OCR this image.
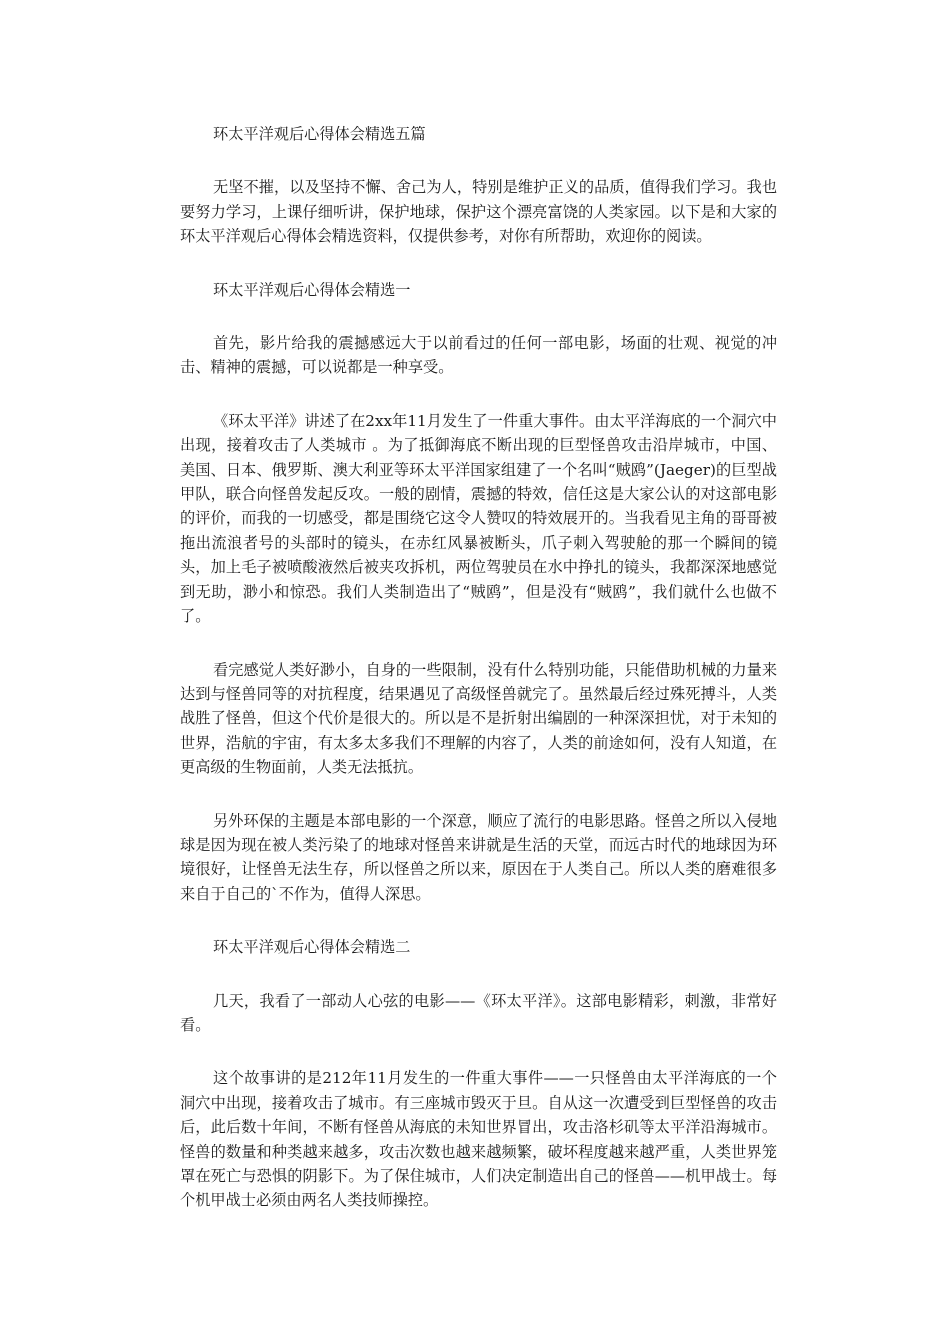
环太平洋观后心得体会精选五篇

无坚不摧，以及坚持不懈、舍己为人，特别是维护正义的品质，值得我们学习。我也要努力学习，上课仔细听讲，保护地球，保护这个漂亮富饶的人类家园。以下是和大家的环太平洋观后心得体会精选资料，仅提供参考，对你有所帮助，欢迎你的阅读。

环太平洋观后心得体会精选一

首先，影片给我的震撼感远大于以前看过的任何一部电影，场面的壮观、视觉的冲击、精神的震撼，可以说都是一种享受。

《环太平洋》讲述了在2xx年11月发生了一件重大事件。由太平洋海底的一个洞穴中出现，接着攻击了人类城市 。为了抵御海底不断出现的巨型怪兽攻击沿岸城市，中国、美国、日本、俄罗斯、澳大利亚等环太平洋国家组建了一个名叫“贼鸥”(Jaeger)的巨型战甲队，联合向怪兽发起反攻。一般的剧情，震撼的特效，信任这是大家公认的对这部电影的评价，而我的一切感受，都是围绕它这令人赞叹的特效展开的。当我看见主角的哥哥被拖出流浪者号的头部时的镜头，在赤红风暴被断头，爪子刺入驾驶舱的那一个瞬间的镜头，加上毛子被喷酸液然后被夹攻拆机，两位驾驶员在水中挣扎的镜头，我都深深地感觉到无助，渺小和惊恐。我们人类制造出了“贼鸥”，但是没有“贼鸥”，我们就什么也做不了。

看完感觉人类好渺小，自身的一些限制，没有什么特别功能，只能借助机械的力量来达到与怪兽同等的对抗程度，结果遇见了高级怪兽就完了。虽然最后经过殊死搏斗，人类战胜了怪兽，但这个代价是很大的。所以是不是折射出编剧的一种深深担忧，对于未知的世界，浩航的宇宙，有太多太多我们不理解的内容了，人类的前途如何，没有人知道，在更高级的生物面前，人类无法抵抗。

另外环保的主题是本部电影的一个深意，顺应了流行的电影思路。怪兽之所以入侵地球是因为现在被人类污染了的地球对怪兽来讲就是生活的天堂，而远古时代的地球因为环境很好，让怪兽无法生存，所以怪兽之所以来，原因在于人类自己。所以人类的磨难很多来自于自己的`不作为，值得人深思。

环太平洋观后心得体会精选二

几天，我看了一部动人心弦的电影——《环太平洋》。这部电影精彩，刺激，非常好看。

这个故事讲的是212年11月发生的一件重大事件——一只怪兽由太平洋海底的一个洞穴中出现，接着攻击了城市。有三座城市毁灭于旦。自从这一次遭受到巨型怪兽的攻击后，此后数十年间，不断有怪兽从海底的未知世界冒出，攻击洛杉矶等太平洋沿海城市。怪兽的数量和种类越来越多，攻击次数也越来越频繁，破坏程度越来越严重，人类世界笼罩在死亡与恐惧的阴影下。为了保住城市，人们决定制造出自己的怪兽——机甲战士。每个机甲战士必须由两名人类技师操控。
